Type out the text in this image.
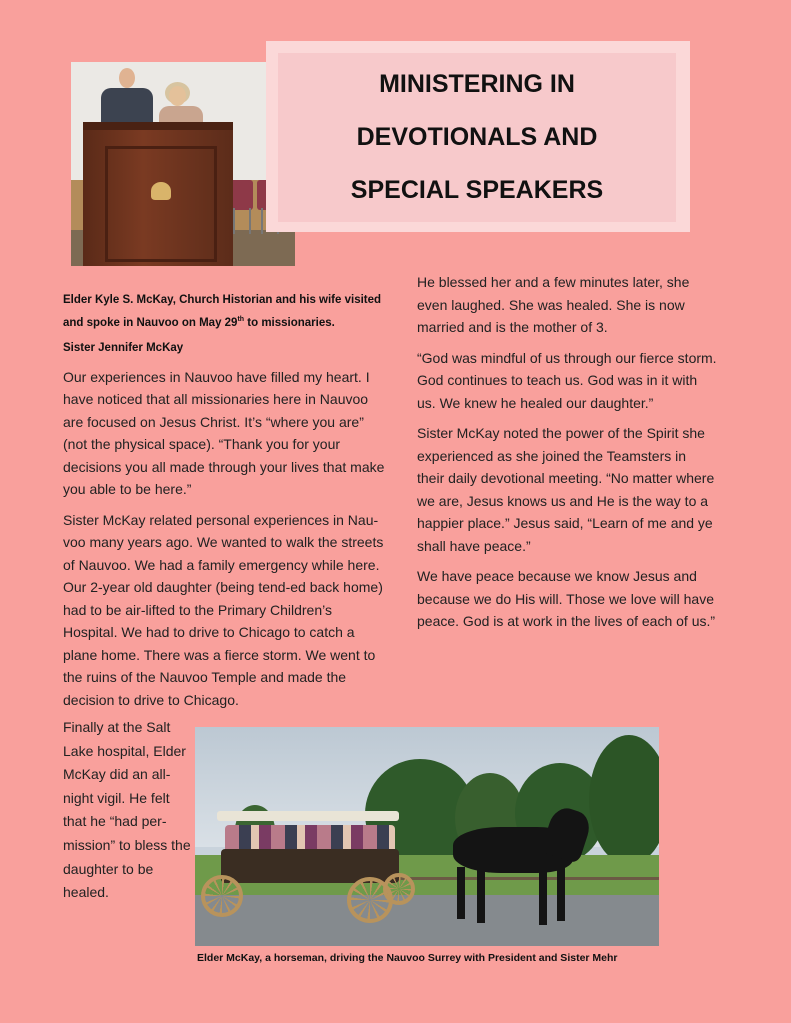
MINISTERING IN
DEVOTIONALS AND
SPECIAL SPEAKERS
Elder Kyle S. McKay, Church Historian and his wife visited
and spoke in Nauvoo on May 29th to missionaries.
Sister Jennifer McKay

Our experiences in Nauvoo have filled my heart. I have noticed that all missionaries here in Nauvoo are focused on Jesus Christ. It’s “where you are” (not the physical space). “Thank you for your decisions you all made through your lives that make you able to be here.”

Sister McKay related personal experiences in Nau-voo many years ago. We wanted to walk the streets of Nauvoo. We had a family emergency while here. Our 2-year old daughter (being tend-ed back home) had to be air-lifted to the Primary Children’s Hospital. We had to drive to Chicago to catch a plane home. There was a fierce storm. We went to the ruins of the Nauvoo Temple and made the decision to drive to Chicago.

Finally at the Salt Lake hospital, Elder McKay did an all-night vigil. He felt that he “had per-mission” to bless the daughter to be healed.

He blessed her and a few minutes later, she even laughed. She was healed. She is now married and is the mother of 3.

“God was mindful of us through our fierce storm. God continues to teach us. God was in it with us. We knew he healed our daughter.”

Sister McKay noted the power of the Spirit she experienced as she joined the Teamsters in their daily devotional meeting. “No matter where we are, Jesus knows us and He is the way to a happier place.” Jesus said, “Learn of me and ye shall have peace.”

We have peace because we know Jesus and because we do His will. Those we love will have peace. God is at work in the lives of each of us.”

Elder McKay, a horseman, driving the Nauvoo Surrey with President and Sister Mehr
